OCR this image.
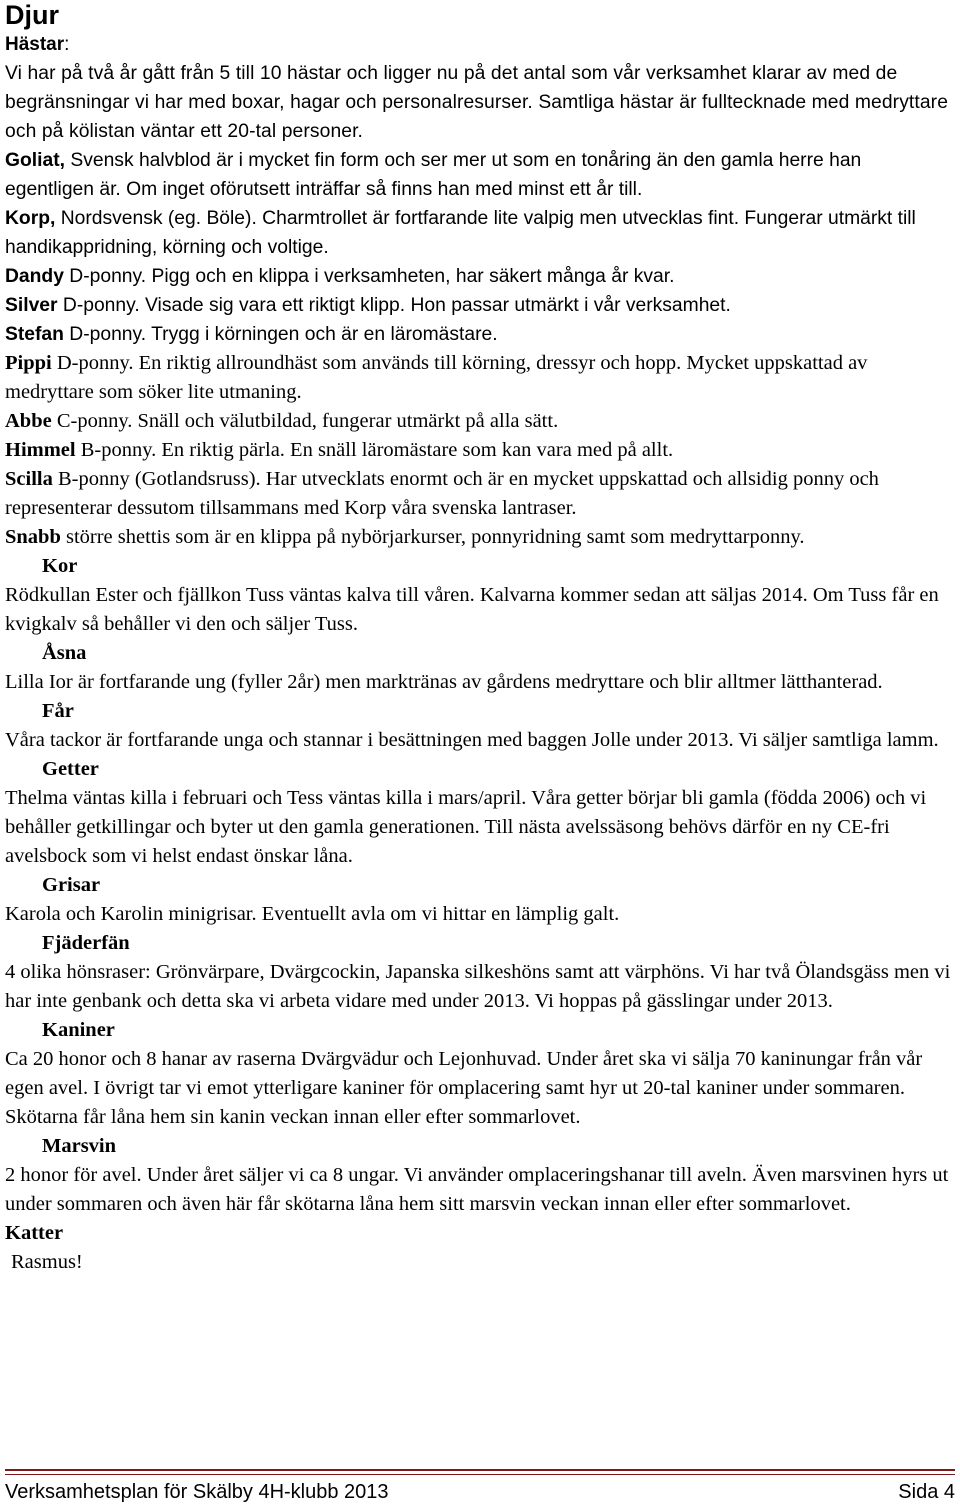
Djur
Hästar:

Vi har på två år gått från 5 till 10 hästar och ligger nu på det antal som vår verksamhet klarar av med de begränsningar vi har med boxar, hagar och personalresurser. Samtliga hästar är fulltecknade med medryttare och på kölistan väntar ett 20-tal personer.

Goliat, Svensk halvblod är i mycket fin form och ser mer ut som en tonåring än den gamla herre han egentligen är. Om inget oförutsett inträffar så finns han med minst ett år till.

Korp, Nordsvensk (eg. Böle). Charmtrollet är fortfarande lite valpig men utvecklas fint. Fungerar utmärkt till handikappridning, körning och voltige.

Dandy D-ponny. Pigg och en klippa i verksamheten, har säkert många år kvar.

Silver D-ponny. Visade sig vara ett riktigt klipp. Hon passar utmärkt i vår verksamhet.

Stefan D-ponny. Trygg i körningen och är en läromästare.

Pippi D-ponny. En riktig allroundhäst som används till körning, dressyr och hopp. Mycket uppskattad av medryttare som söker lite utmaning.

Abbe C-ponny. Snäll och välutbildad, fungerar utmärkt på alla sätt.

Himmel B-ponny. En riktig pärla. En snäll läromästare som kan vara med på allt.

Scilla B-ponny (Gotlandsruss). Har utvecklats enormt och är en mycket uppskattad och allsidig ponny och representerar dessutom tillsammans med Korp våra svenska lantraser.

Snabb större shettis som är en klippa på nybörjarkurser, ponnyridning samt som medryttarponny.

Kor

Rödkullan Ester och fjällkon Tuss väntas kalva till våren. Kalvarna kommer sedan att säljas 2014. Om Tuss får en kvigkalv så behåller vi den och säljer Tuss.

Åsna

Lilla Ior är fortfarande ung (fyller 2år) men marktränas av gårdens medryttare och blir alltmer lätthanterad.

Får

Våra tackor är fortfarande unga och stannar i besättningen med baggen Jolle under 2013. Vi säljer samtliga lamm.

Getter

Thelma väntas killa i februari och Tess väntas killa i mars/april. Våra getter börjar bli gamla (födda 2006) och vi behåller getkillingar och byter ut den gamla generationen. Till nästa avelssäsong behövs därför en ny CE-fri avelsbock som vi helst endast önskar låna.

Grisar

Karola och Karolin minigrisar. Eventuellt avla om vi hittar en lämplig galt.

Fjäderfän

4 olika hönsraser: Grönvärpare, Dvärgcockin, Japanska silkeshöns samt att värphöns. Vi har två Ölandsgäss men vi har inte genbank och detta ska vi arbeta vidare med under 2013. Vi hoppas på gässlingar under 2013.

Kaniner

Ca 20 honor och 8 hanar av raserna Dvärgvädur och Lejonhuvad. Under året ska vi sälja 70 kaninungar från vår egen avel. I övrigt tar vi emot ytterligare kaniner för omplacering samt hyr ut 20-tal kaniner under sommaren. Skötarna får låna hem sin kanin veckan innan eller efter sommarlovet.

Marsvin

2 honor för avel. Under året säljer vi ca 8 ungar. Vi använder omplaceringshanar till aveln. Även marsvinen hyrs ut under sommaren och även här får skötarna låna hem sitt marsvin veckan innan eller efter sommarlovet.

Katter

Rasmus!

Verksamhetsplan för Skälby 4H-klubb 2013	Sida 4
